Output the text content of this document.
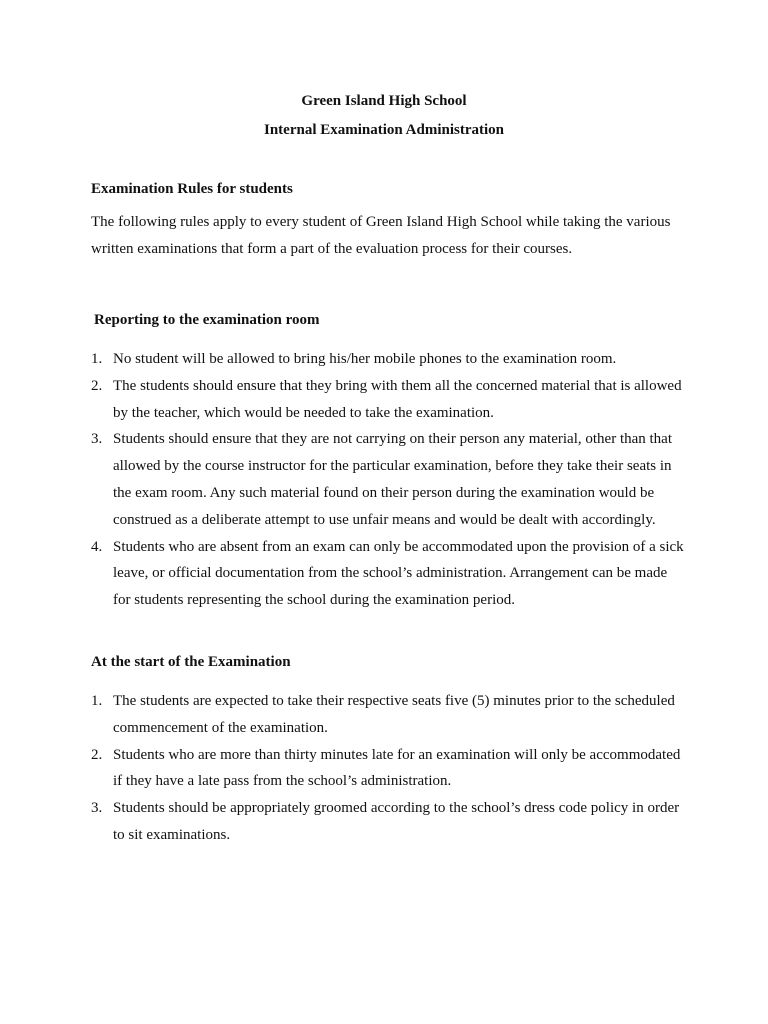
Green Island High School
Internal Examination Administration
Examination Rules for students

The following rules apply to every student of Green Island High School while taking the various written examinations that form a part of the evaluation process for their courses.

Reporting to the examination room
1. No student will be allowed to bring his/her mobile phones to the examination room.
2. The students should ensure that they bring with them all the concerned material that is allowed by the teacher, which would be needed to take the examination.
3. Students should ensure that they are not carrying on their person any material, other than that allowed by the course instructor for the particular examination, before they take their seats in the exam room. Any such material found on their person during the examination would be construed as a deliberate attempt to use unfair means and would be dealt with accordingly.
4. Students who are absent from an exam can only be accommodated upon the provision of a sick leave, or official documentation from the school’s administration. Arrangement can be made for students representing the school during the examination period.
At the start of the Examination
1. The students are expected to take their respective seats five (5) minutes prior to the scheduled commencement of the examination.
2. Students who are more than thirty minutes late for an examination will only be accommodated if they have a late pass from the school’s administration.
3. Students should be appropriately groomed according to the school’s dress code policy in order to sit examinations.
